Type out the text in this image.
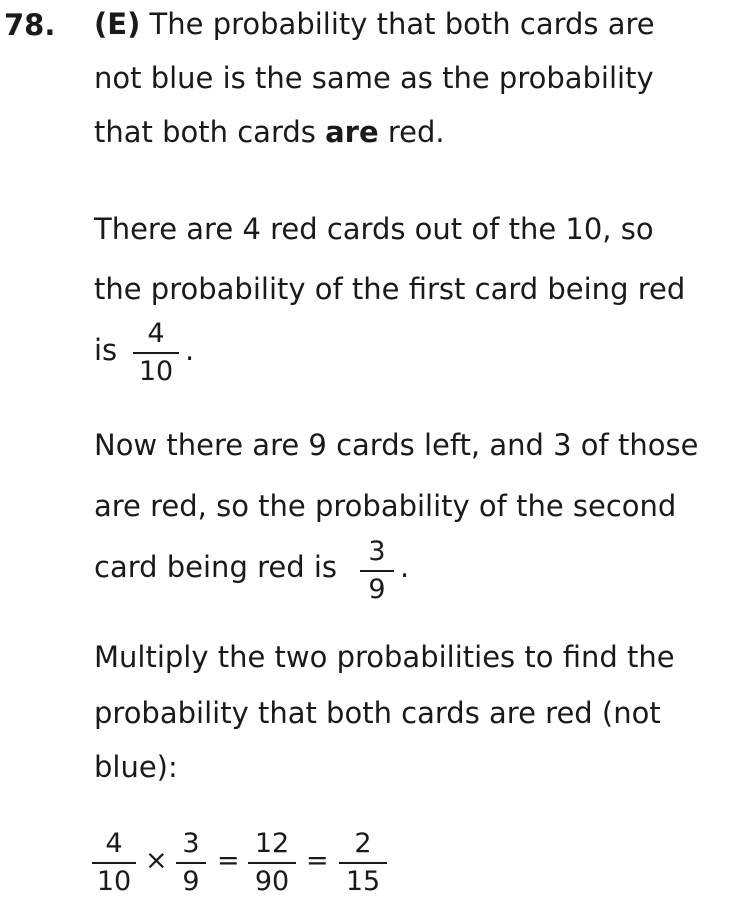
78. (E) The probability that both cards are
not blue is the same as the probability
that both cards are red.
There are 4 red cards out of the 10, so
the probability of the first card being red
is	4
10
.
Now there are 9 cards left, and 3 of those
are red, so the probability of the second
card being red is	3
9
.
Multiply the two probabilities to find the
probability that both cards are red (not
blue):
4
10
×
3
9
=
12
90
=
2
15
